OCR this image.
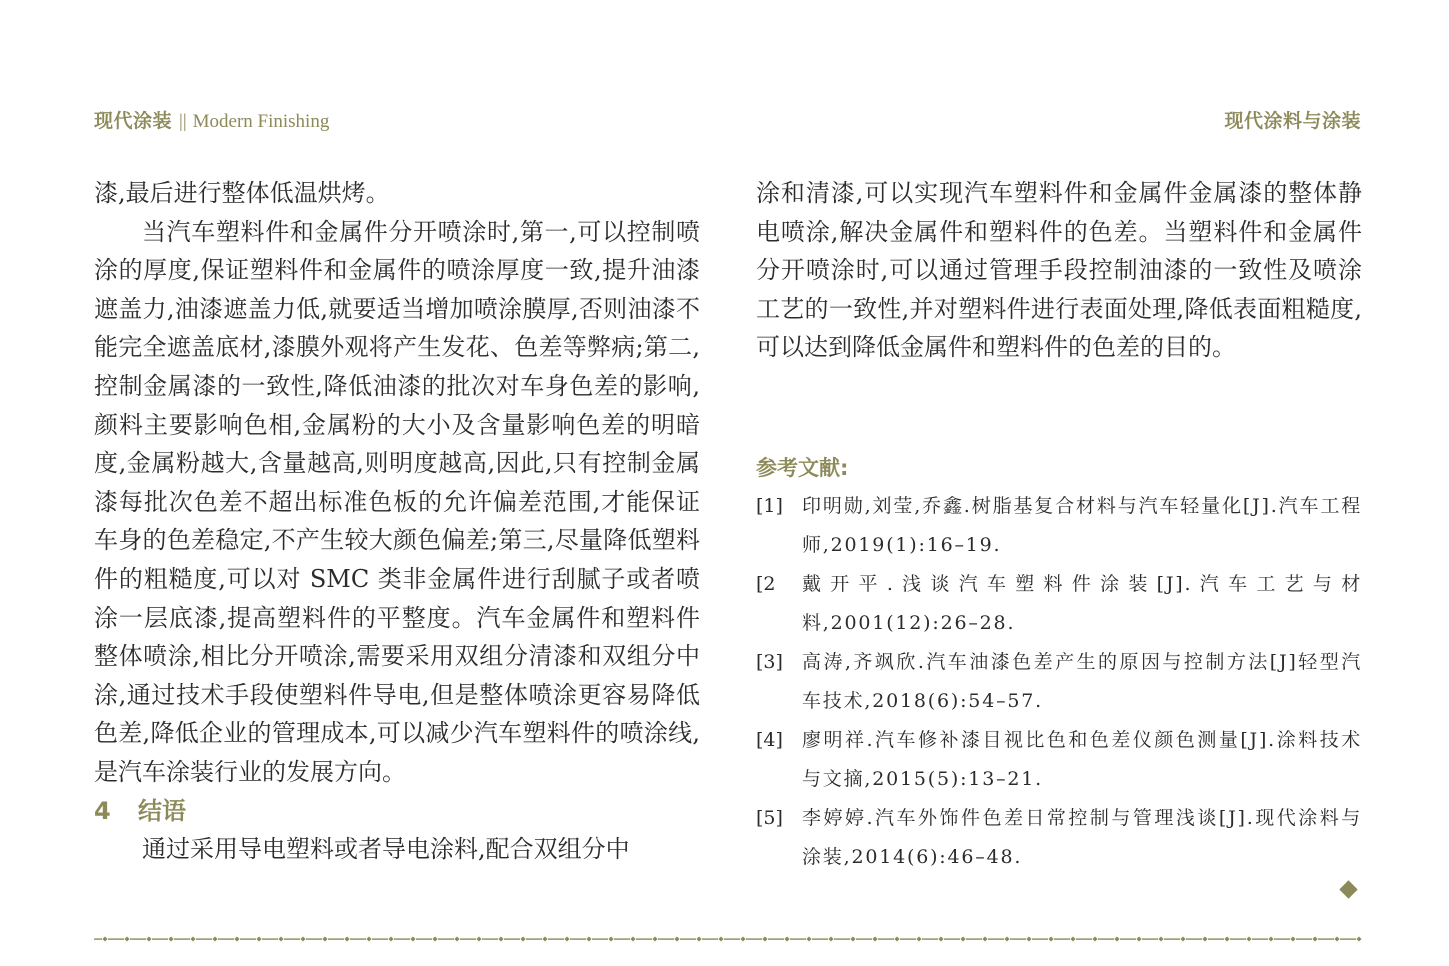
现代涂装 || Modern Finishing	现代涂料与涂装

漆,最后进行整体低温烘烤。

当汽车塑料件和金属件分开喷涂时,第一,可以控制喷涂的厚度,保证塑料件和金属件的喷涂厚度一致,提升油漆遮盖力,油漆遮盖力低,就要适当增加喷涂膜厚,否则油漆不能完全遮盖底材,漆膜外观将产生发花、色差等弊病;第二,控制金属漆的一致性,降低油漆的批次对车身色差的影响,颜料主要影响色相,金属粉的大小及含量影响色差的明暗度,金属粉越大,含量越高,则明度越高,因此,只有控制金属漆每批次色差不超出标准色板的允许偏差范围,才能保证车身的色差稳定,不产生较大颜色偏差;第三,尽量降低塑料件的粗糙度,可以对 SMC 类非金属件进行刮腻子或者喷涂一层底漆,提高塑料件的平整度。汽车金属件和塑料件整体喷涂,相比分开喷涂,需要采用双组分清漆和双组分中涂,通过技术手段使塑料件导电,但是整体喷涂更容易降低色差,降低企业的管理成本,可以减少汽车塑料件的喷涂线,是汽车涂装行业的发展方向。

4 结语

通过采用导电塑料或者导电涂料,配合双组分中

涂和清漆,可以实现汽车塑料件和金属件金属漆的整体静电喷涂,解决金属件和塑料件的色差。当塑料件和金属件分开喷涂时,可以通过管理手段控制油漆的一致性及喷涂工艺的一致性,并对塑料件进行表面处理,降低表面粗糙度,可以达到降低金属件和塑料件的色差的目的。

参考文献:
[1]	印明勋,刘莹,乔鑫.树脂基复合材料与汽车轻量化[J].汽车工程师,2019(1):16–19.
[2	戴开平.浅谈汽车塑料件涂装[J].汽车工艺与材料,2001(12):26–28.
[3]	高涛,齐飒欣.汽车油漆色差产生的原因与控制方法[J]轻型汽车技术,2018(6):54–57.
[4]	廖明祥.汽车修补漆目视比色和色差仪颜色测量[J].涂料技术与文摘,2015(5):13–21.
[5]	李婷婷.汽车外饰件色差日常控制与管理浅谈[J].现代涂料与涂装,2014(6):46–48.
